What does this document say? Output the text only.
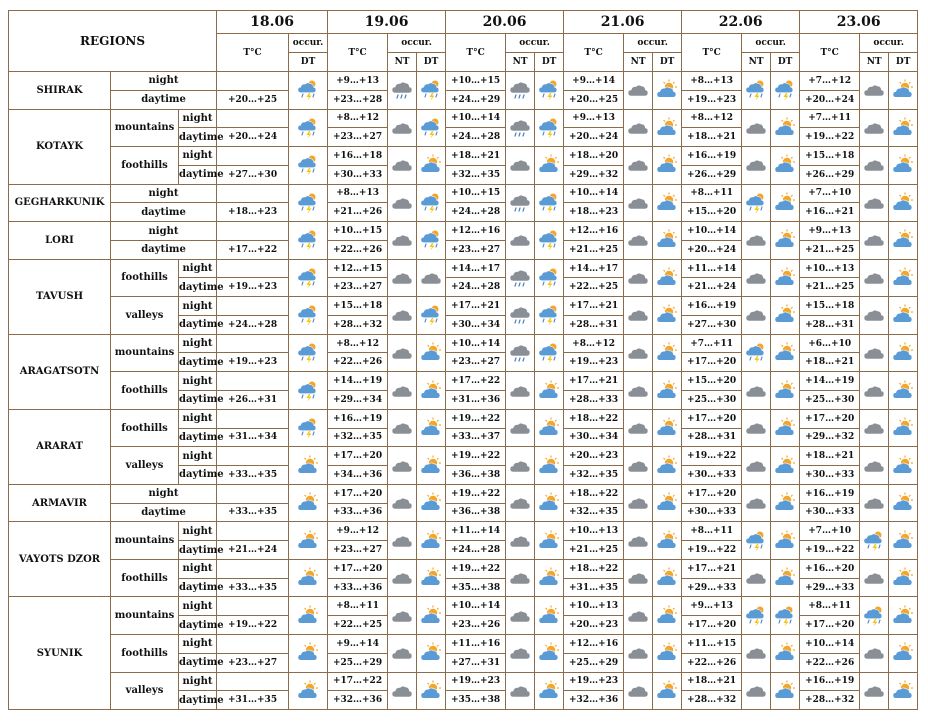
REGIONS			18.06		19.06			20.06			21.06			22.06			23.06		
			T°C	occur.	T°C	occur.		T°C	occur.		T°C	occur.		T°C	occur.		T°C	occur.	
				DT		NT	DT		NT	DT		NT	DT		NT	DT		NT	DT
SHIRAK	night				+9…+13			+10…+15			+9…+14			+8…+13			+7…+12	

	daytime		+20…+25		+23…+28			+24…+29			+20…+25			+19…+23			+20…+24		
KOTAYK	mountains	night			+8…+12			+10…+14			+9…+13			+8…+12			+7…+11	

		daytime	+20…+24		+23…+27			+24…+28			+20…+24			+18…+21			+19…+22		
	foothills	night			+16…+18			+18…+21			+18…+20			+16…+19			+15…+18	

		daytime	+27…+30		+30…+33			+32…+35			+29…+32			+26…+29			+26…+29		
GEGHARKUNIK	night				+8…+13			+10…+15			+10…+14			+8…+11			+7…+10	

	daytime		+18…+23		+21…+26			+24…+28			+18…+23			+15…+20			+16…+21		
LORI	night				+10…+15			+12…+16			+12…+16			+10…+14			+9…+13	

	daytime		+17…+22		+22…+26			+23…+27			+21…+25			+20…+24			+21…+25		
TAVUSH	foothills	night			+12…+15			+14…+17			+14…+17			+11…+14			+10…+13	

		daytime	+19…+23		+23…+27			+24…+28			+22…+25			+21…+24			+21…+25		
	valleys	night			+15…+18			+17…+21			+17…+21			+16…+19			+15…+18	

		daytime	+24…+28		+28…+32			+30…+34			+28…+31			+27…+30			+28…+31		
ARAGATSOTN	mountains	night			+8…+12			+10…+14			+8…+12			+7…+11			+6…+10	

		daytime	+19…+23		+22…+26			+23…+27			+19…+23			+17…+20			+18…+21		
	foothills	night			+14…+19			+17…+22			+17…+21			+15…+20			+14…+19	

		daytime	+26…+31		+29…+34			+31…+36			+28…+33			+25…+30			+25…+30		
ARARAT	foothills	night			+16…+19			+19…+22			+18…+22			+17…+20			+17…+20	

		daytime	+31…+34		+32…+35			+33…+37			+30…+34			+28…+31			+29…+32		
	valleys	night			+17…+20			+19…+22			+20…+23			+19…+22			+18…+21	

		daytime	+33…+35		+34…+36			+36…+38			+32…+35			+30…+33			+30…+33		
ARMAVIR	night				+17…+20			+19…+22			+18…+22			+17…+20			+16…+19	

	daytime		+33…+35		+33…+36			+36…+38			+32…+35			+30…+33			+30…+33		
VAYOTS DZOR	mountains	night			+9…+12			+11…+14			+10…+13			+8…+11			+7…+10	

		daytime	+21…+24		+23…+27			+24…+28			+21…+25			+19…+22			+19…+22		
	foothills	night			+17…+20			+19…+22			+18…+22			+17…+21			+16…+20	

		daytime	+33…+35		+33…+36			+35…+38			+31…+35			+29…+33			+29…+33		
SYUNIK	mountains	night			+8…+11			+10…+14			+10…+13			+9…+13			+8…+11	

		daytime	+19…+22		+22…+25			+23…+26			+20…+23			+17…+20			+17…+20		
	foothills	night			+9…+14			+11…+16			+12…+16			+11…+15			+10…+14	

		daytime	+23…+27		+25…+29			+27…+31			+25…+29			+22…+26			+22…+26		
	valleys	night			+17…+22			+19…+23			+19…+23			+18…+21			+16…+19	

		daytime	+31…+35		+32…+36			+35…+38			+32…+36			+28…+32			+28…+32		
